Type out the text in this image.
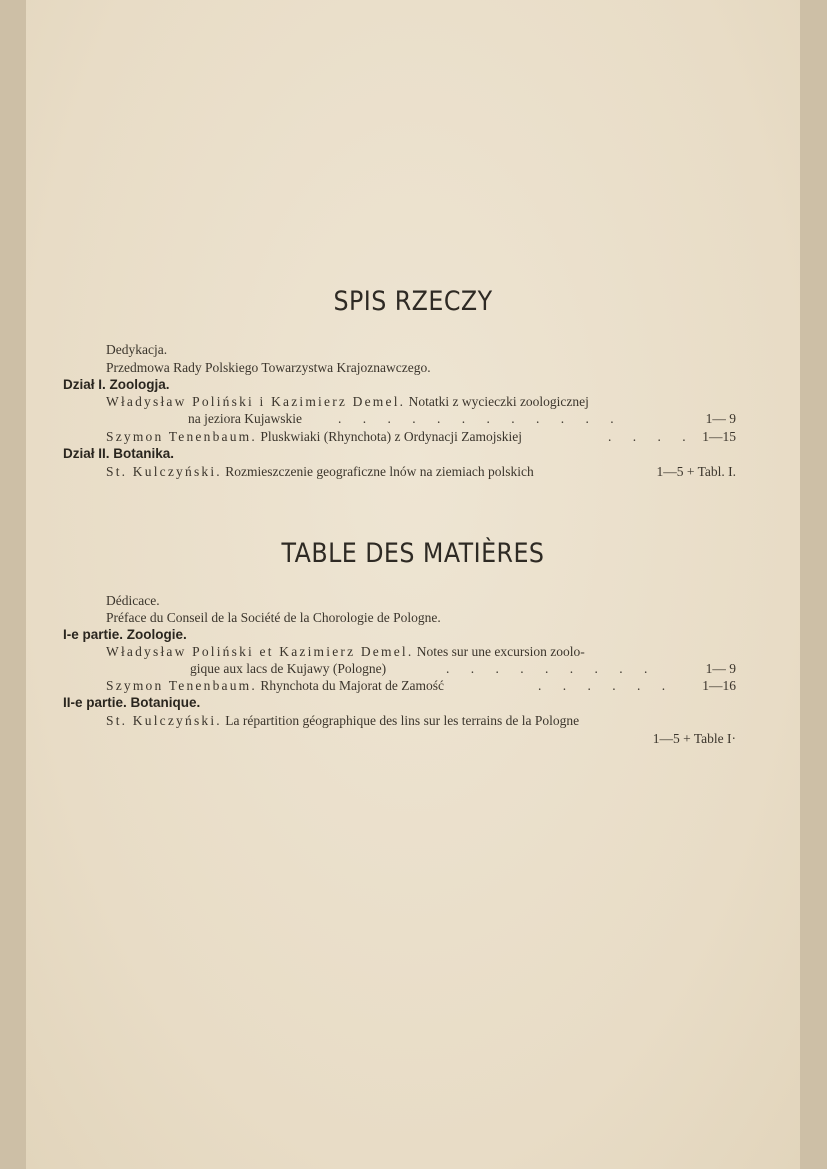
SPIS RZECZY
Dedykacja.
Przedmowa Rady Polskiego Towarzystwa Krajoznawczego.
Dział I. Zoologja.
Władysław Poliński i Kazimierz Demel. Notatki z wycieczki zoologicznej
na jeziora Kujawskie	. . . . . . . . . . . .	1— 9
Szymon Tenenbaum. Pluskwiaki (Rhynchota) z Ordynacji Zamojskiej	. . . . 1—15
Dział II. Botanika.
St. Kulczyński. Rozmieszczenie geograficzne lnów na ziemiach polskich	1—5 + Tabl. I.
TABLE DES MATIÈRES
Dédicace.
Préface du Conseil de la Société de la Chorologie de Pologne.
I-e partie. Zoologie.
Władysław Poliński et Kazimierz Demel. Notes sur une excursion zoolo-
gique aux lacs de Kujawy (Pologne)	. . . . . . . . .	1— 9
Szymon Tenenbaum. Rhynchota du Majorat de Zamość	. . . . . . 1—16
II-e partie. Botanique.
St. Kulczyński. La répartition géographique des lins sur les terrains de la Pologne
1—5 + Table I·
